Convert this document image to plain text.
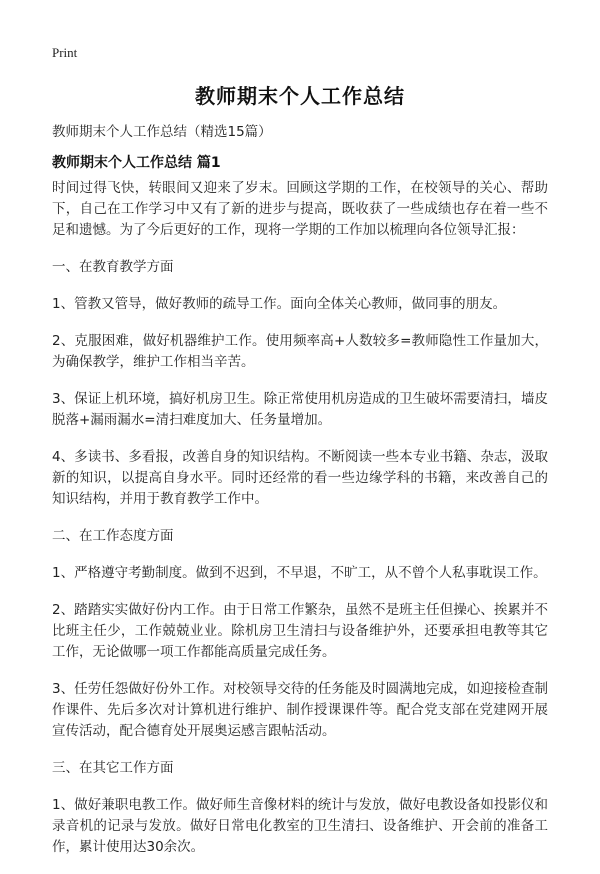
Print
教师期末个人工作总结
教师期末个人工作总结（精选15篇）
教师期末个人工作总结 篇1

时间过得飞快，转眼间又迎来了岁末。回顾这学期的工作，在校领导的关心、帮助下，自己在工作学习中又有了新的进步与提高，既收获了一些成绩也存在着一些不足和遗憾。为了今后更好的工作，现将一学期的工作加以梳理向各位领导汇报：

一、在教育教学方面

1、管教又管导，做好教师的疏导工作。面向全体关心教师，做同事的朋友。

2、克服困难，做好机器维护工作。使用频率高+人数较多=教师隐性工作量加大，为确保教学，维护工作相当辛苦。

3、保证上机环境，搞好机房卫生。除正常使用机房造成的卫生破坏需要清扫，墙皮脱落+漏雨漏水=清扫难度加大、任务量增加。

4、多读书、多看报，改善自身的知识结构。不断阅读一些本专业书籍、杂志，汲取新的知识，以提高自身水平。同时还经常的看一些边缘学科的书籍，来改善自己的知识结构，并用于教育教学工作中。

二、在工作态度方面

1、严格遵守考勤制度。做到不迟到，不早退，不旷工，从不曾个人私事耽误工作。

2、踏踏实实做好份内工作。由于日常工作繁杂，虽然不是班主任但操心、挨累并不比班主任少，工作兢兢业业。除机房卫生清扫与设备维护外，还要承担电教等其它工作，无论做哪一项工作都能高质量完成任务。

3、任劳任怨做好份外工作。对校领导交待的任务能及时圆满地完成，如迎接检查制作课件、先后多次对计算机进行维护、制作授课课件等。配合党支部在党建网开展宣传活动，配合德育处开展奥运感言跟帖活动。

三、在其它工作方面

1、做好兼职电教工作。做好师生音像材料的统计与发放，做好电教设备如投影仪和录音机的记录与发放。做好日常电化教室的卫生清扫、设备维护、开会前的准备工作，累计使用达30余次。
